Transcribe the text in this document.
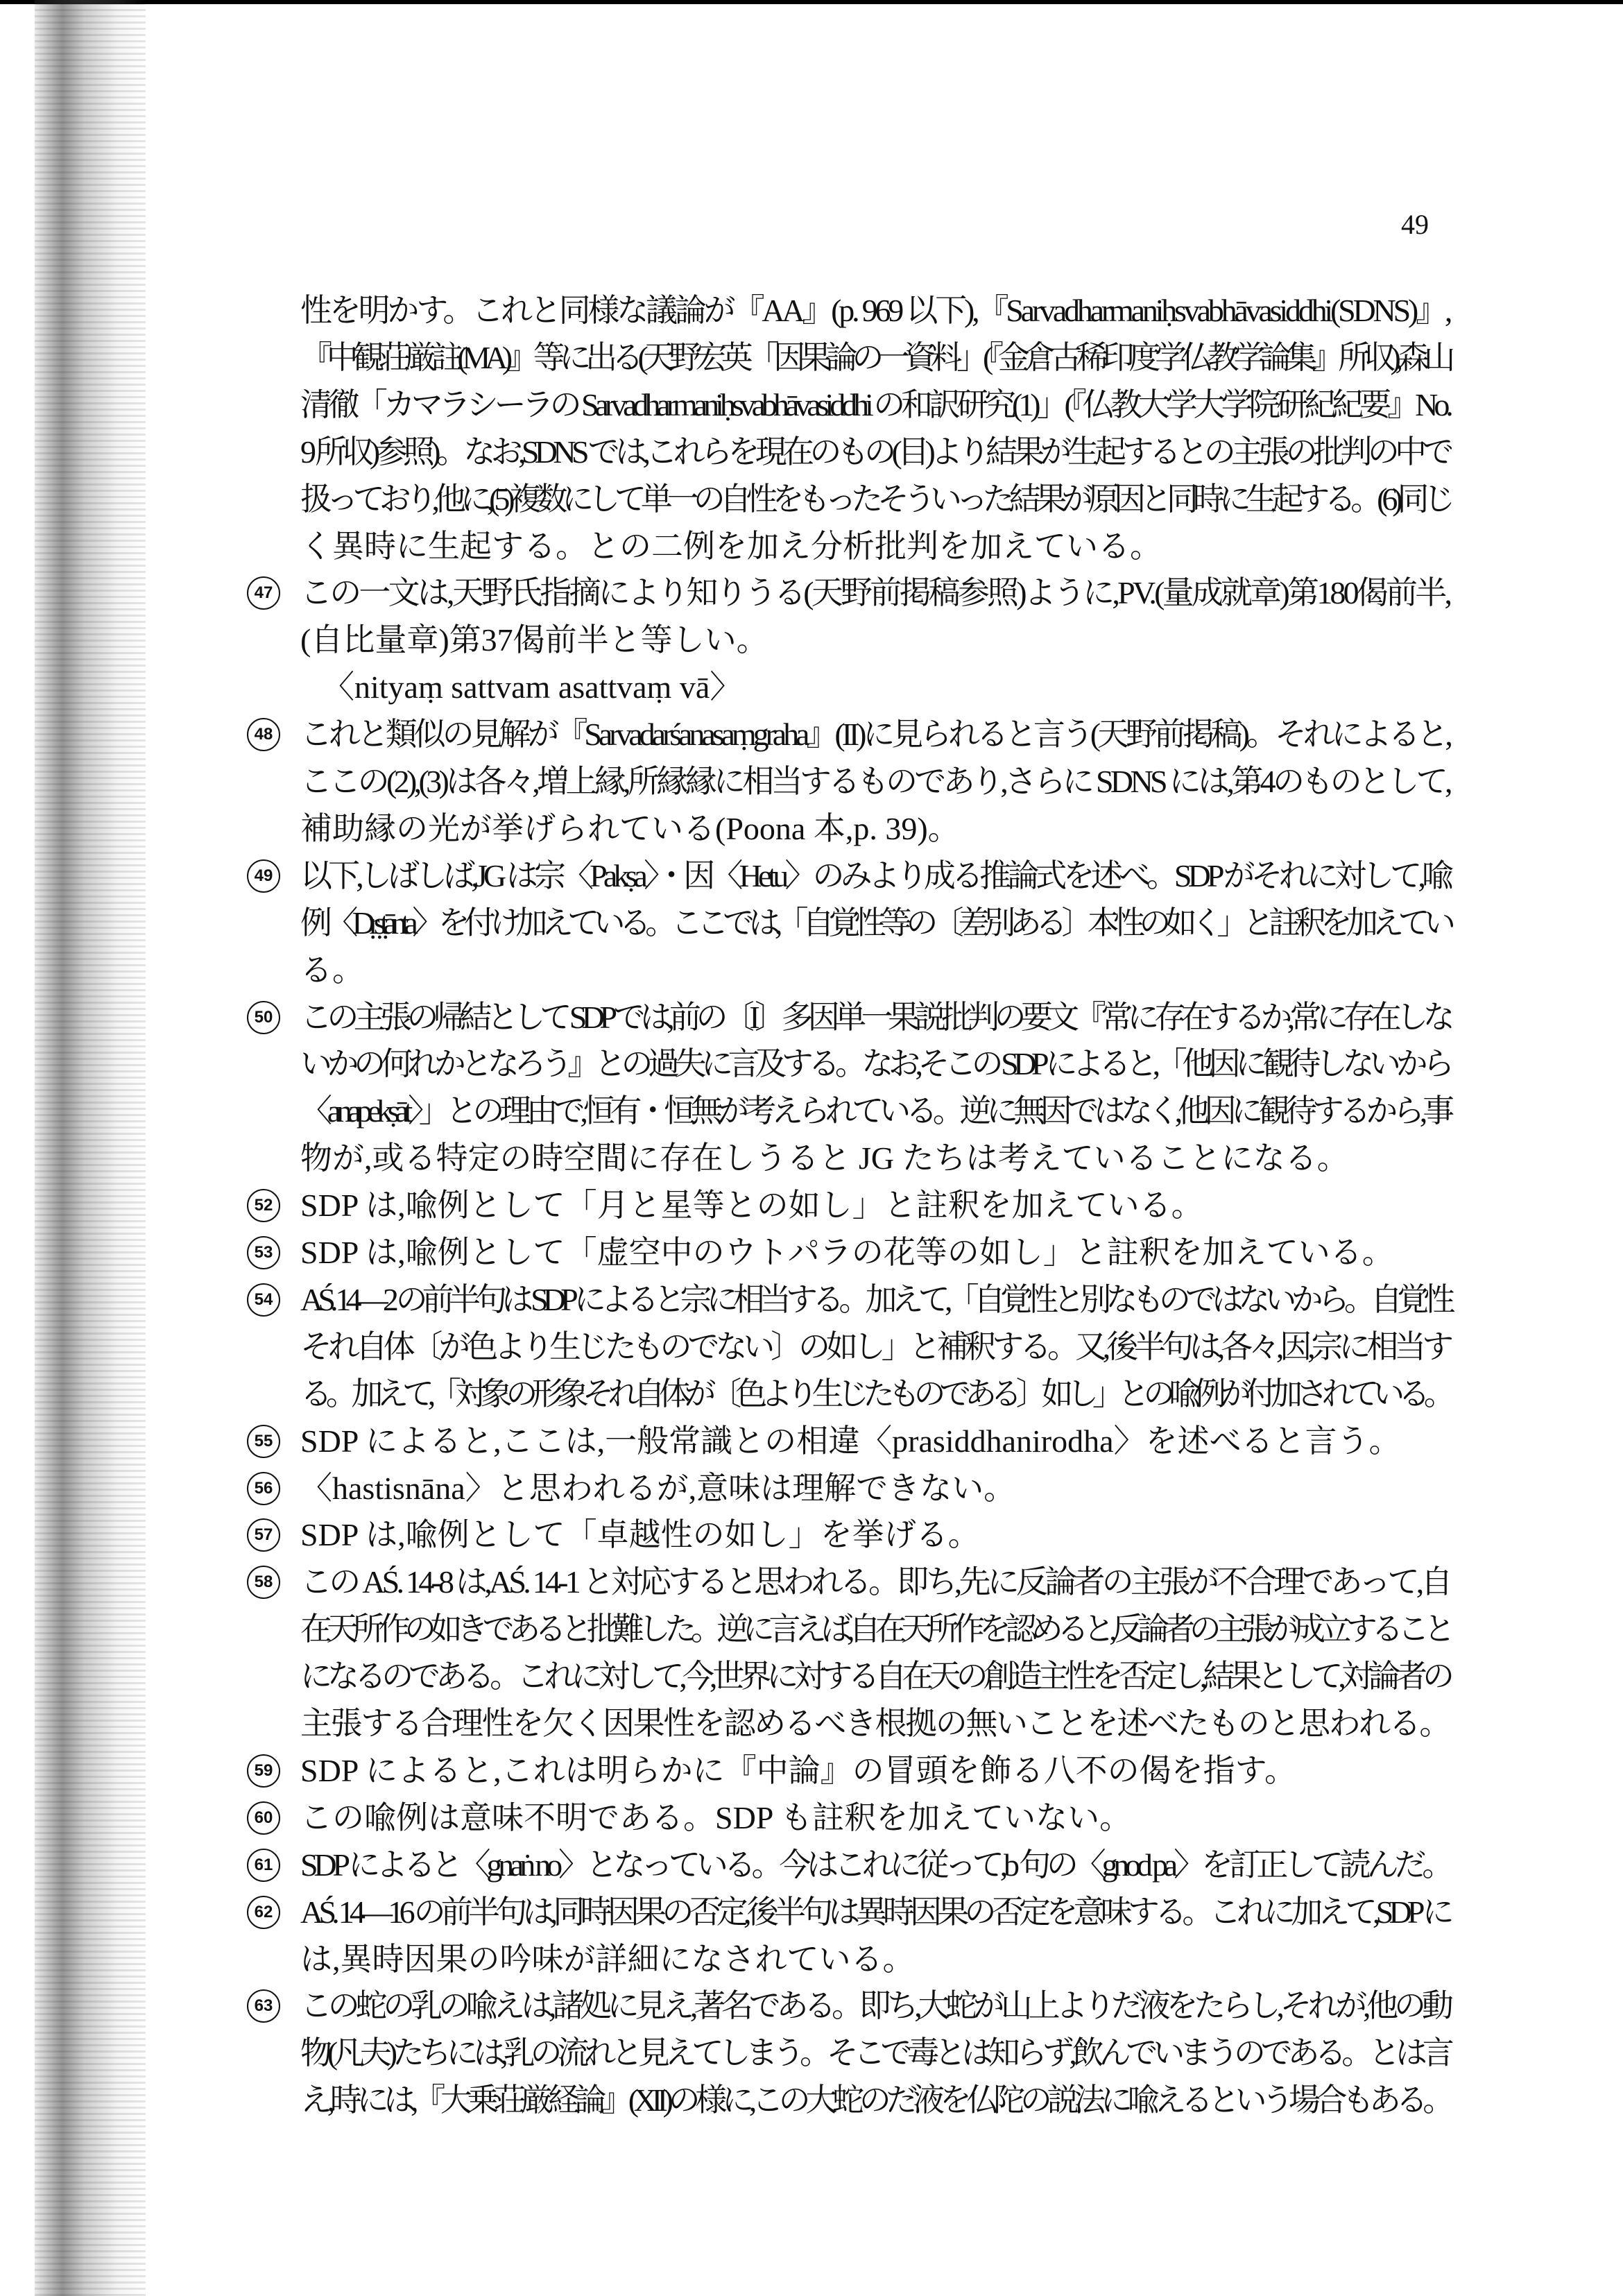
49
性を明かす。これと同様な議論が『AA』(p. 969 以下),『Sarvadharmaniḥsvabhāvasiddhi(SDNS)』,
『中観荘厳註(MA)』等に出る(天野宏英「因果論の一資料」(『金倉古稀印度学仏教学論集』所収),森山
清徹「カマラシーラの Sarvadharmaniḥsvabhāvasiddhi の和訳研究(1)」(『仏教大学大学院研紀紀要』No.
9 所収)参照)。なお,SDNS では,これらを現在のもの(目)より結果が生起するとの主張の批判の中で
扱っており,他に,(5)複数にして単一の自性をもったそういった結果が原因と同時に生起する。(6)同じ
く異時に生起する。との二例を加え分析批判を加えている。
47 この一文は,天野氏指摘により知りうる(天野前掲稿参照)ように,PV.(量成就章)第180偈前半,
(自比量章)第37偈前半と等しい。
〈nityaṃ sattvam asattvaṃ vā〉
48 これと類似の見解が『Sarvadarśanasaṃgraha』(II)に見られると言う(天野前掲稿)。それによると,
ここの(2),(3)は各々,増上縁,所縁縁に相当するものであり,さらに SDNS には,第4のものとして,
補助縁の光が挙げられている(Poona 本,p. 39)。
49 以下,しばしば,JG は宗〈Pakṣa〉・因〈Hetu〉のみより成る推論式を述べ。SDP がそれに対して,喩
例〈Dṛṣṭānta〉を付け加えている。ここでは,「自覚性等の〔差別ある〕本性の如く」と註釈を加えてい
る。
50 この主張の帰結として SDP では,前の〔I〕多因単一果説批判の要文『常に存在するか,常に存在しな
いかの何れかとなろう』との過失に言及する。なお,そこの SDP によると,「他因に観待しないから
〈anapekṣāt〉」との理由で,恒有・恒無が考えられている。逆に無因ではなく,他因に観待するから,事
物が,或る特定の時空間に存在しうると JG たちは考えていることになる。
52 SDP は,喩例として「月と星等との如し」と註釈を加えている。
53 SDP は,喩例として「虚空中のウトパラの花等の如し」と註釈を加えている。
54 AŚ. 14—2 の前半句は SDP によると宗に相当する。加えて,「自覚性と別なものではないから。自覚性
それ自体〔が色より生じたものでない〕の如し」と補釈する。又,後半句は,各々,因,宗に相当す
る。加えて,「対象の形象それ自体が〔色より生じたものである〕如し」との喩例が付加されている。
55 SDP によると,ここは,一般常識との相違〈prasiddhanirodha〉を述べると言う。
56 〈hastisnāna〉と思われるが,意味は理解できない。
57 SDP は,喩例として「卓越性の如し」を挙げる。
58 この AŚ. 14-8 は,AŚ. 14-1 と対応すると思われる。即ち,先に反論者の主張が不合理であって,自
在天所作の如きであると批難した。逆に言えば,自在天所作を認めると,反論者の主張が成立すること
になるのである。これに対して,今,世界に対する自在天の創造主性を否定し,結果として,対論者の
主張する合理性を欠く因果性を認めるべき根拠の無いことを述べたものと思われる。
59 SDP によると,これは明らかに『中論』の冒頭を飾る八不の偈を指す。
60 この喩例は意味不明である。SDP も註釈を加えていない。
61 SDP によると〈gnaṅ no〉となっている。今はこれに従って,b 句の〈gnod pa〉を訂正して読んだ。
62 AŚ. 14—16 の前半句は,同時因果の否定,後半句は異時因果の否定を意味する。これに加えて,SDP に
は,異時因果の吟味が詳細になされている。
63 この蛇の乳の喩えは,諸処に見え,著名である。即ち,大蛇が山上よりだ液をたらし,それが,他の動
物(凡夫)たちには,乳の流れと見えてしまう。そこで毒とは知らず,飲んでいまうのである。とは言
え,時には,『大乗荘厳経論』(XII)の様に,この大蛇のだ液を仏陀の説法に喩えるという場合もある。
